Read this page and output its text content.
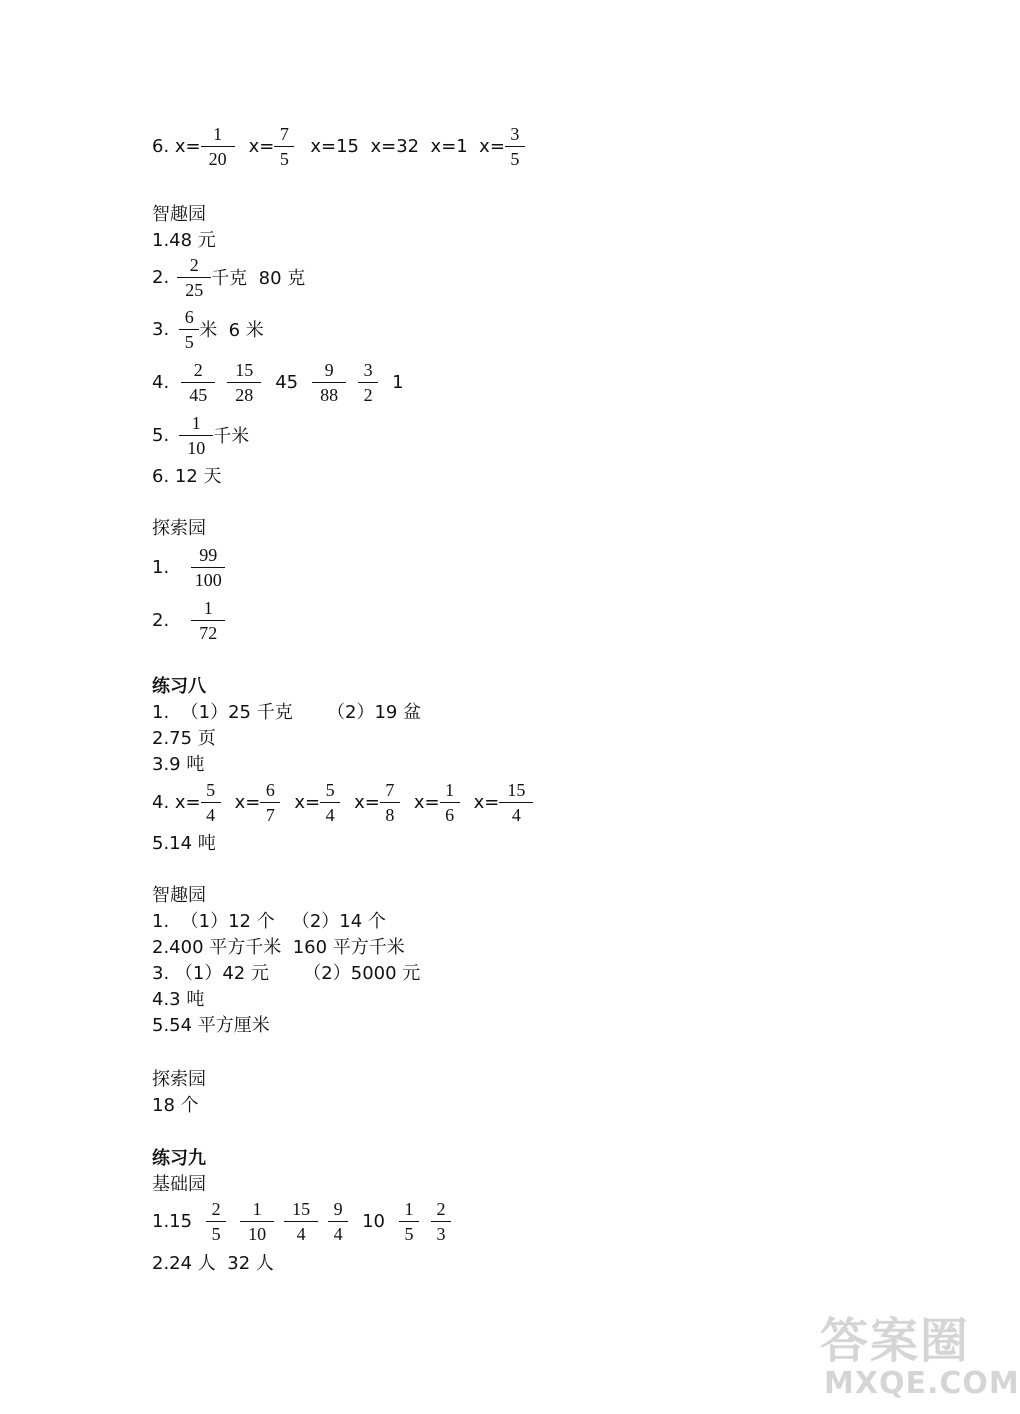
6. $x= \frac{1}{20} x= \frac{7}{5} x=15$  x=32  x=1  $x= \frac{3}{5}$
智趣园
1.48 元
2. $\frac{2}{25}$ 千克  80 克
3. $\frac{6}{5}$ 米  6 米
4. $\frac{2}{45} \frac{15}{28} 45 \frac{9}{88} \frac{3}{2} 1$
5. $\frac{1}{10}$ 千米
6. 12 天
探索园
1. $\frac{99}{100}$
2. $\frac{1}{72}$
练习八
1.  （1）25 千克      （2）19 盆
2.75 页
3.9 吨
4. $x= \frac{5}{4} x= \frac{6}{7} x= \frac{5}{4} x= \frac{7}{8} x= \frac{1}{6} x= \frac{15}{4}$
5.14 吨
智趣园
1.  （1）12 个   （2）14 个
2.400 平方千米  160 平方千米
3. （1）42 元      （2）5000 元
4.3 吨
5.54 平方厘米
探索园
18 个
练习九
基础园
$1.15 \frac{2}{5} \frac{1}{10} \frac{15}{4} \frac{9}{4} 10 \frac{1}{5} \frac{2}{3}$
2.24 人  32 人
答案圈
MXQE.COM
